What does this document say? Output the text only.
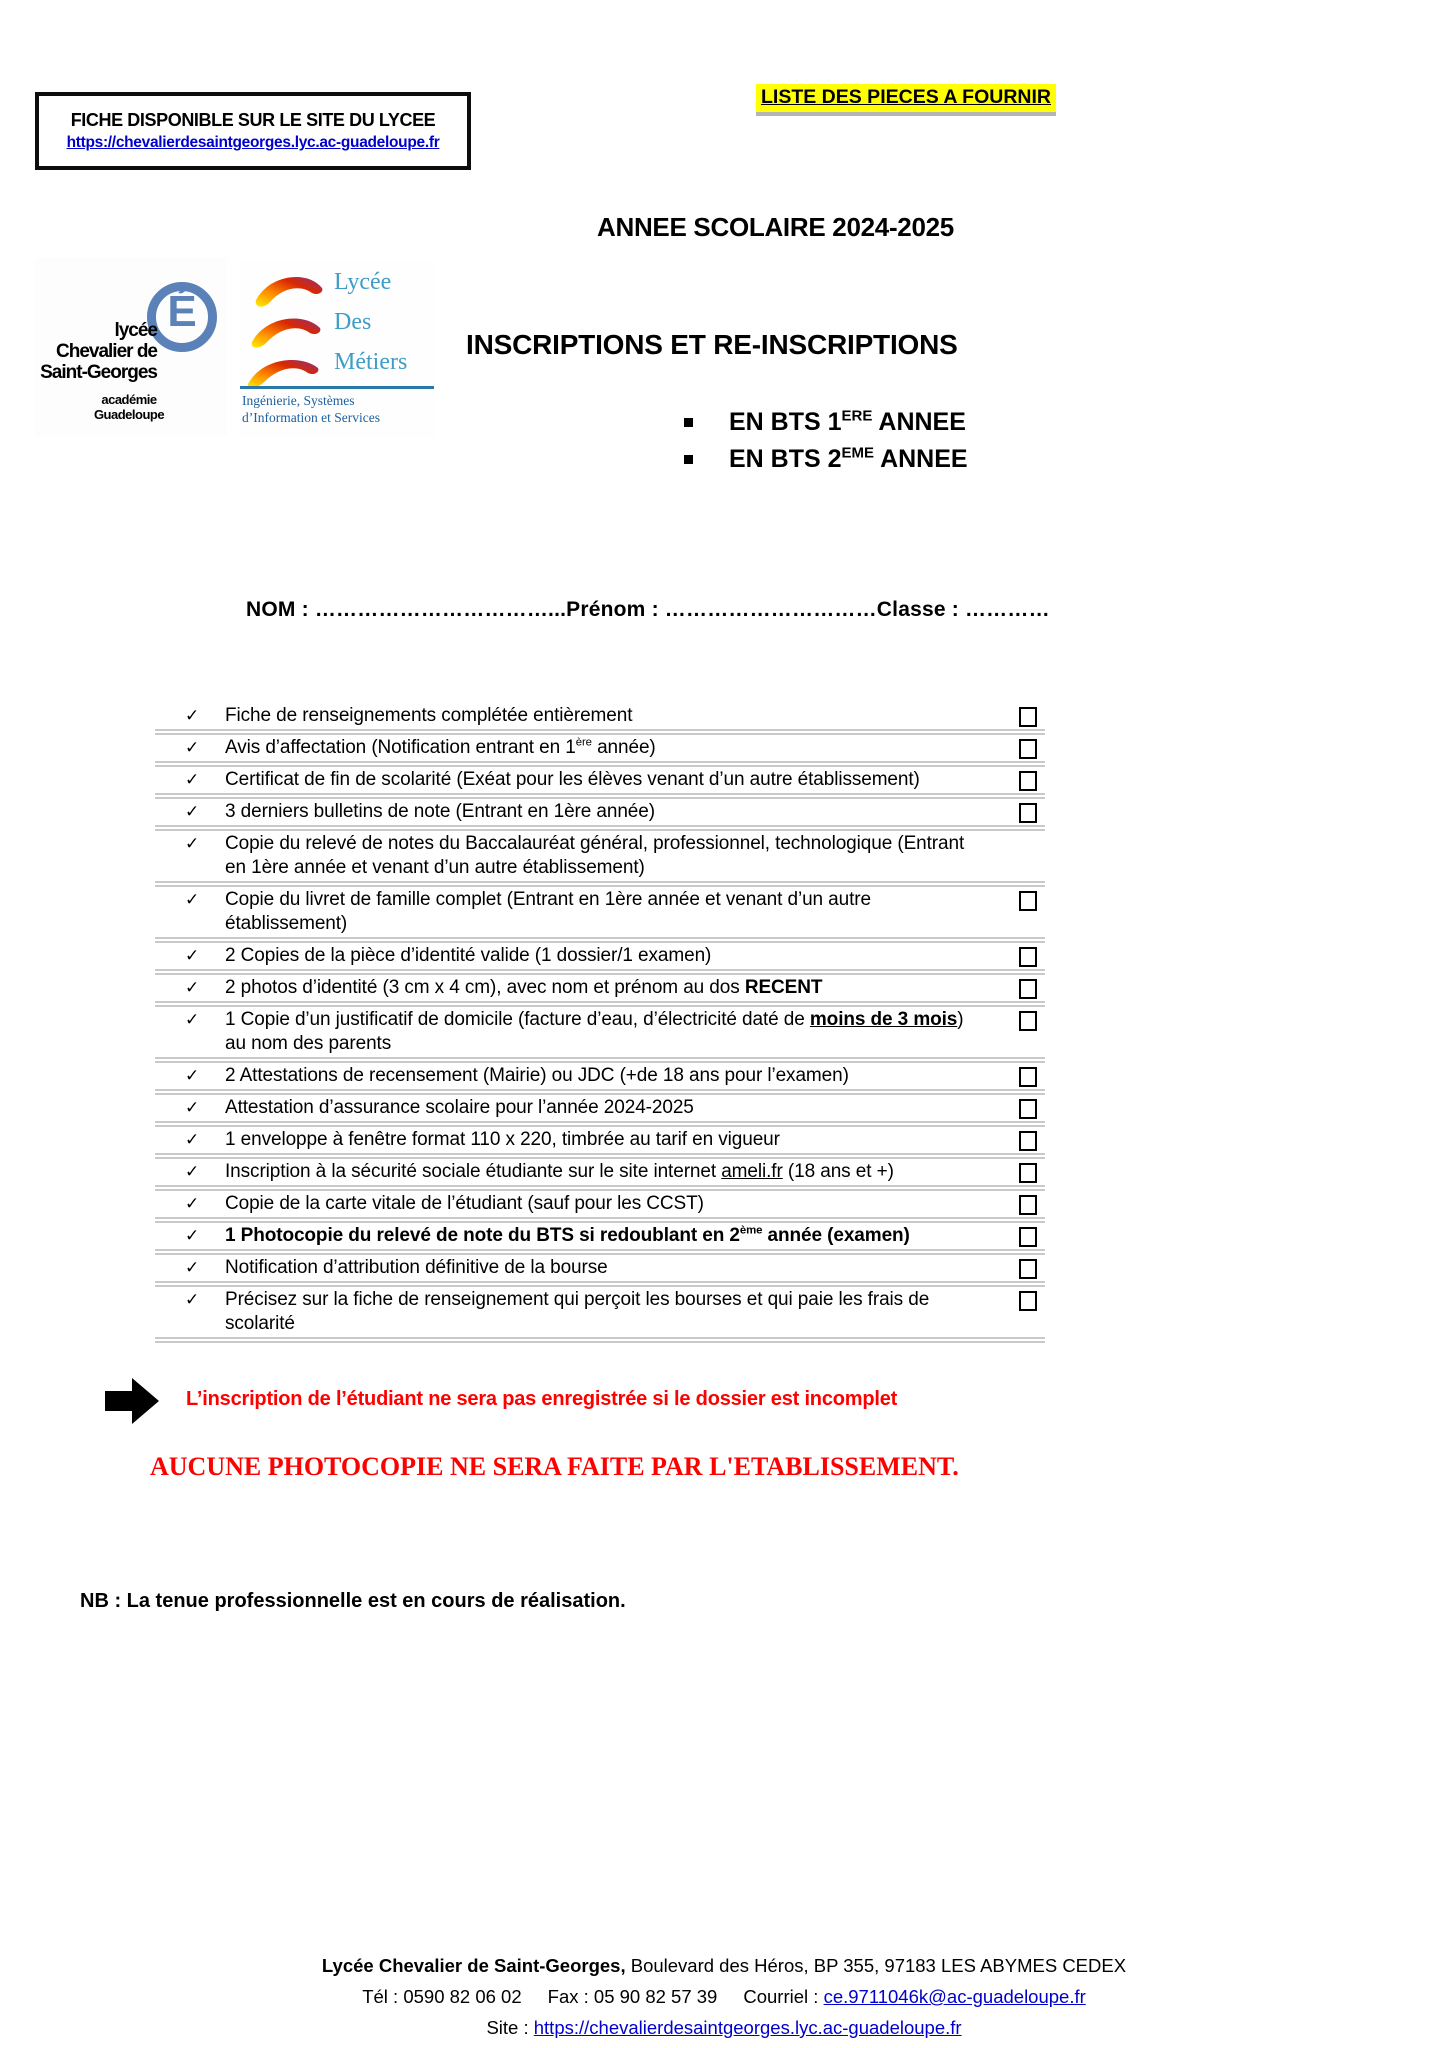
FICHE DISPONIBLE SUR LE SITE DU LYCEE
https://chevalierdesaintgeorges.lyc.ac-guadeloupe.fr
LISTE DES PIECES A FOURNIR
ANNEE SCOLAIRE 2024-2025
É
lycée
Chevalier de
Saint-Georges
académie
Guadeloupe
Lycée
Des
Métiers
Ingénierie, Systèmes
d’Information et Services
INSCRIPTIONS ET RE-INSCRIPTIONS
EN BTS 1ERE ANNEE
EN BTS 2EME ANNEE
NOM : ……………………………...Prénom : …………………………Classe : …………
✓	Fiche de renseignements complétée entièrement
✓	Avis d’affectation (Notification entrant en 1ère année)
✓	Certificat de fin de scolarité (Exéat pour les élèves venant d’un autre établissement)
✓	3 derniers bulletins de note (Entrant en 1ère année)
✓	Copie du relevé de notes du Baccalauréat général, professionnel, technologique (Entrant en 1ère année et venant d’un autre établissement)
✓	Copie du livret de famille complet (Entrant en 1ère année et venant d’un autre établissement)
✓	2 Copies de la pièce d’identité valide (1 dossier/1 examen)
✓	2 photos d’identité (3 cm x 4 cm), avec nom et prénom au dos RECENT
✓	1 Copie d’un justificatif de domicile (facture d’eau, d’électricité daté de moins de 3 mois) au nom des parents
✓	2 Attestations de recensement (Mairie) ou JDC (+de 18 ans pour l’examen)
✓	Attestation d’assurance scolaire pour l’année 2024-2025
✓	1 enveloppe à fenêtre format 110 x 220, timbrée au tarif en vigueur
✓	Inscription à la sécurité sociale étudiante sur le site internet ameli.fr (18 ans et +)
✓	Copie de la carte vitale de l’étudiant (sauf pour les CCST)
✓	1 Photocopie du relevé de note du BTS si redoublant en 2ème année (examen)
✓	Notification d’attribution définitive de la bourse
✓	Précisez sur la fiche de renseignement qui perçoit les bourses et qui paie les frais de scolarité
L’inscription de l’étudiant ne sera pas enregistrée si le dossier est incomplet
AUCUNE PHOTOCOPIE NE SERA FAITE PAR L'ETABLISSEMENT.
NB : La tenue professionnelle est en cours de réalisation.
Lycée Chevalier de Saint-Georges, Boulevard des Héros, BP 355, 97183 LES ABYMES CEDEX
Tél : 0590 82 06 02 Fax : 05 90 82 57 39 Courriel : ce.9711046k@ac-guadeloupe.fr
Site : https://chevalierdesaintgeorges.lyc.ac-guadeloupe.fr
